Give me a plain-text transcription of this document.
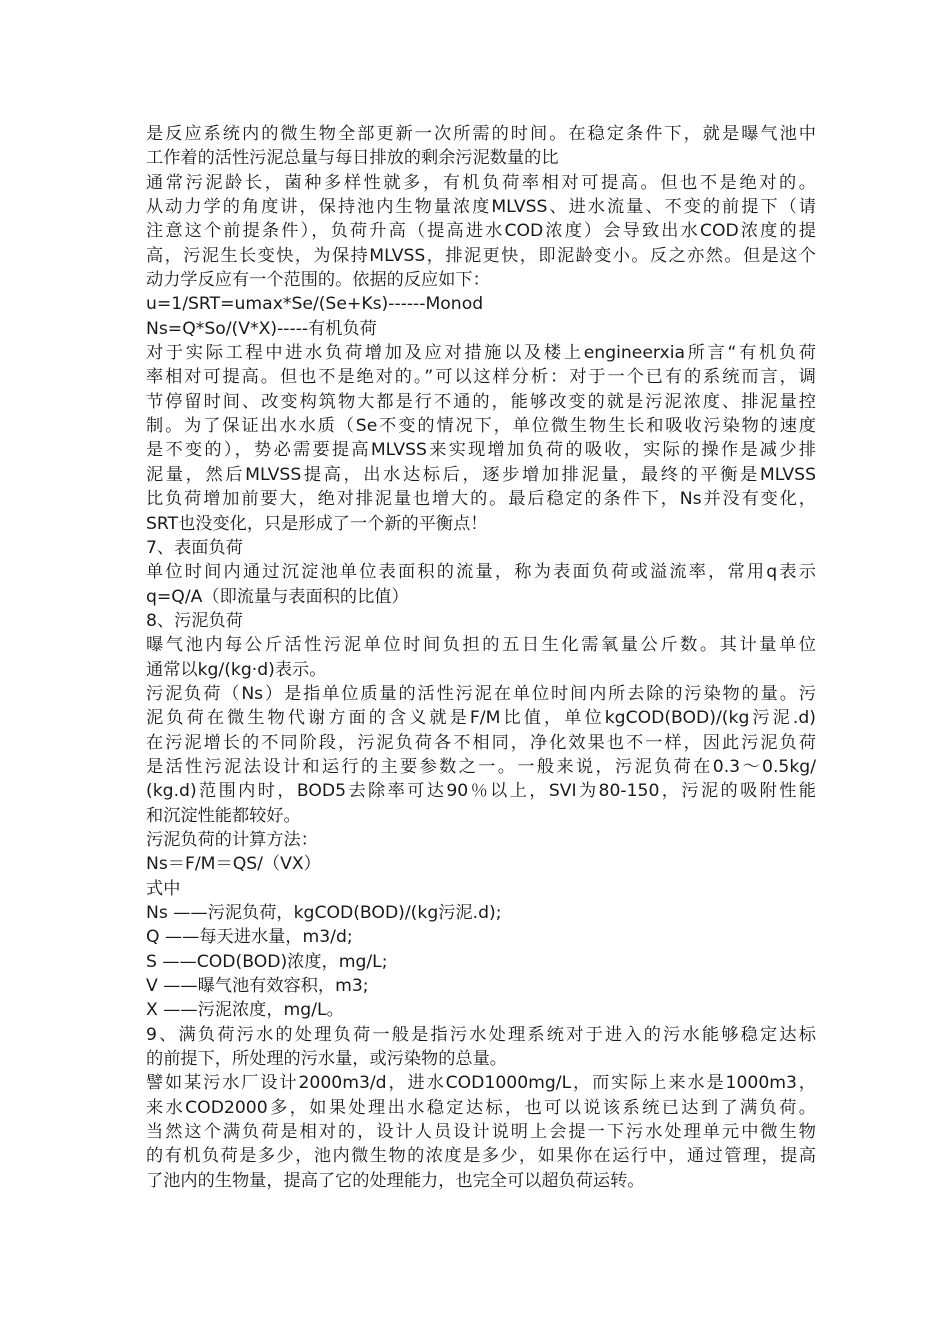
是反应系统内的微生物全部更新一次所需的时间。在稳定条件下，就是曝气池中
工作着的活性污泥总量与每日排放的剩余污泥数量的比
通常污泥龄长，菌种多样性就多，有机负荷率相对可提高。但也不是绝对的。
从动力学的角度讲，保持池内生物量浓度MLVSS、进水流量、不变的前提下（请
注意这个前提条件），负荷升高（提高进水COD浓度）会导致出水COD浓度的提
高，污泥生长变快，为保持MLVSS，排泥更快，即泥龄变小。反之亦然。但是这个
动力学反应有一个范围的。依据的反应如下：
u=1/SRT=umax*Se/(Se+Ks)------Monod
Ns=Q*So/(V*X)-----有机负荷
对于实际工程中进水负荷增加及应对措施以及楼上engineerxia所言“有机负荷
率相对可提高。但也不是绝对的。”可以这样分析：对于一个已有的系统而言，调
节停留时间、改变构筑物大都是行不通的，能够改变的就是污泥浓度、排泥量控
制。为了保证出水水质（Se不变的情况下，单位微生物生长和吸收污染物的速度
是不变的），势必需要提高MLVSS来实现增加负荷的吸收，实际的操作是减少排
泥量，然后MLVSS提高，出水达标后，逐步增加排泥量，最终的平衡是MLVSS
比负荷增加前要大，绝对排泥量也增大的。最后稳定的条件下，Ns并没有变化，
SRT也没变化，只是形成了一个新的平衡点！
7、表面负荷
单位时间内通过沉淀池单位表面积的流量，称为表面负荷或溢流率，常用q表示
q=Q/A（即流量与表面积的比值）
8、污泥负荷
曝气池内每公斤活性污泥单位时间负担的五日生化需氧量公斤数。其计量单位
通常以kg/(kg·d)表示。
污泥负荷（Ns）是指单位质量的活性污泥在单位时间内所去除的污染物的量。污
泥负荷在微生物代谢方面的含义就是F/M比值，单位kgCOD(BOD)/(kg污泥.d)
在污泥增长的不同阶段，污泥负荷各不相同，净化效果也不一样，因此污泥负荷
是活性污泥法设计和运行的主要参数之一。一般来说，污泥负荷在0.3～0.5kg/
(kg.d)范围内时，BOD5去除率可达90％以上，SVI为80-150，污泥的吸附性能
和沉淀性能都较好。
污泥负荷的计算方法：
Ns＝F/M＝QS/（VX）
式中
Ns ——污泥负荷，kgCOD(BOD)/(kg污泥.d);
Q ——每天进水量，m3/d;
S ——COD(BOD)浓度，mg/L;
V ——曝气池有效容积，m3;
X ——污泥浓度，mg/L。
9、满负荷污水的处理负荷一般是指污水处理系统对于进入的污水能够稳定达标
的前提下，所处理的污水量，或污染物的总量。
譬如某污水厂设计2000m3/d，进水COD1000mg/L，而实际上来水是1000m3，
来水COD2000多，如果处理出水稳定达标，也可以说该系统已达到了满负荷。
当然这个满负荷是相对的，设计人员设计说明上会提一下污水处理单元中微生物
的有机负荷是多少，池内微生物的浓度是多少，如果你在运行中，通过管理，提高
了池内的生物量，提高了它的处理能力，也完全可以超负荷运转。
